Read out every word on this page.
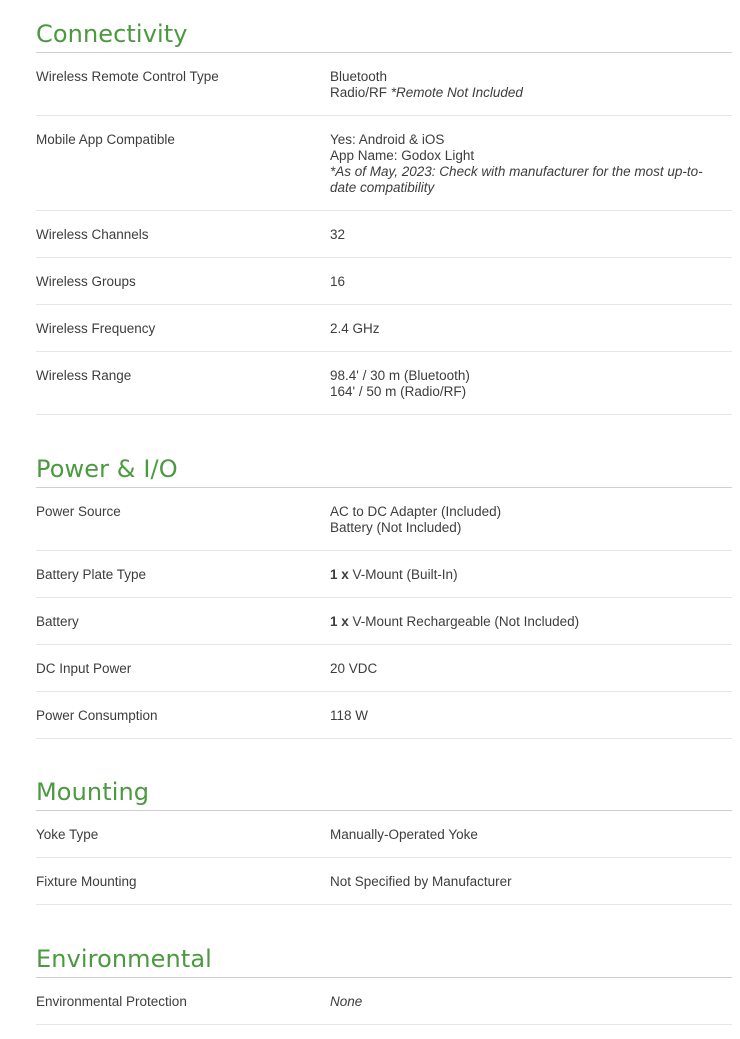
Connectivity
Wireless Remote Control Type	Bluetooth
Radio/RF *Remote Not Included
Mobile App Compatible	Yes: Android & iOS
App Name: Godox Light
*As of May, 2023: Check with manufacturer for the most up-to-date compatibility
Wireless Channels	32
Wireless Groups	16
Wireless Frequency	2.4 GHz
Wireless Range	98.4' / 30 m (Bluetooth)
164' / 50 m (Radio/RF)
Power & I/O
Power Source	AC to DC Adapter (Included)
Battery (Not Included)
Battery Plate Type	1 x V-Mount (Built-In)
Battery	1 x V-Mount Rechargeable (Not Included)
DC Input Power	20 VDC
Power Consumption	118 W
Mounting
Yoke Type	Manually-Operated Yoke
Fixture Mounting	Not Specified by Manufacturer
Environmental
Environmental Protection	None
